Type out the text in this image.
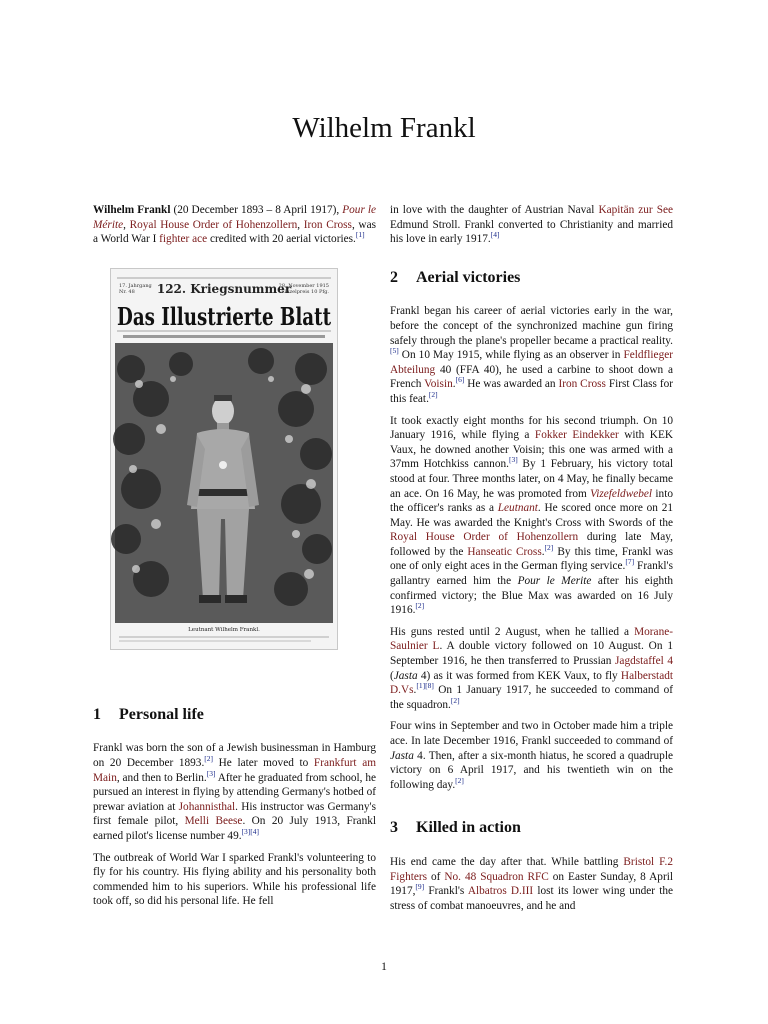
Wilhelm Frankl

Wilhelm Frankl (20 December 1893 – 8 April 1917), Pour le Mérite, Royal House Order of Hohenzollern, Iron Cross, was a World War I fighter ace credited with 20 aerial victories.[1]

17. Jahrgang Nr. 48	122. Kriegsnummer
28. November 1915 Einzelpreis 10 Pfg.
Das Illustrierte Blatt
Leutnant Wilhelm Frankl.
1 Personal life

Frankl was born the son of a Jewish businessman in Hamburg on 20 December 1893.[2] He later moved to Frankfurt am Main, and then to Berlin.[3] After he graduated from school, he pursued an interest in flying by attending Germany's hotbed of prewar aviation at Johannisthal. His instructor was Germany's first female pilot, Melli Beese. On 20 July 1913, Frankl earned pilot's license number 49.[3][4]

The outbreak of World War I sparked Frankl's volunteering to fly for his country. His flying ability and his personality both commended him to his superiors. While his professional life took off, so did his personal life. He fell

in love with the daughter of Austrian Naval Kapitän zur See Edmund Stroll. Frankl converted to Christianity and married his love in early 1917.[4]

2 Aerial victories

Frankl began his career of aerial victories early in the war, before the concept of the synchronized machine gun firing safely through the plane's propeller became a practical reality.[5] On 10 May 1915, while flying as an observer in Feldflieger Abteilung 40 (FFA 40), he used a carbine to shoot down a French Voisin.[6] He was awarded an Iron Cross First Class for this feat.[2]

It took exactly eight months for his second triumph. On 10 January 1916, while flying a Fokker Eindekker with KEK Vaux, he downed another Voisin; this one was armed with a 37mm Hotchkiss cannon.[3] By 1 February, his victory total stood at four. Three months later, on 4 May, he finally became an ace. On 16 May, he was promoted from Vizefeldwebel into the officer's ranks as a Leutnant. He scored once more on 21 May. He was awarded the Knight's Cross with Swords of the Royal House Order of Hohenzollern during late May, followed by the Hanseatic Cross.[2] By this time, Frankl was one of only eight aces in the German flying service.[7] Frankl's gallantry earned him the Pour le Merite after his eighth confirmed victory; the Blue Max was awarded on 16 July 1916.[2]

His guns rested until 2 August, when he tallied a Morane-Saulnier L. A double victory followed on 10 August. On 1 September 1916, he then transferred to Prussian Jagdstaffel 4 (Jasta 4) as it was formed from KEK Vaux, to fly Halberstadt D.Vs.[1][8] On 1 January 1917, he succeeded to command of the squadron.[2]

Four wins in September and two in October made him a triple ace. In late December 1916, Frankl succeeded to command of Jasta 4. Then, after a six-month hiatus, he scored a quadruple victory on 6 April 1917, and his twentieth win on the following day.[2]

3 Killed in action

His end came the day after that. While battling Bristol F.2 Fighters of No. 48 Squadron RFC on Easter Sunday, 8 April 1917,[9] Frankl's Albatros D.III lost its lower wing under the stress of combat manoeuvres, and he and

1
